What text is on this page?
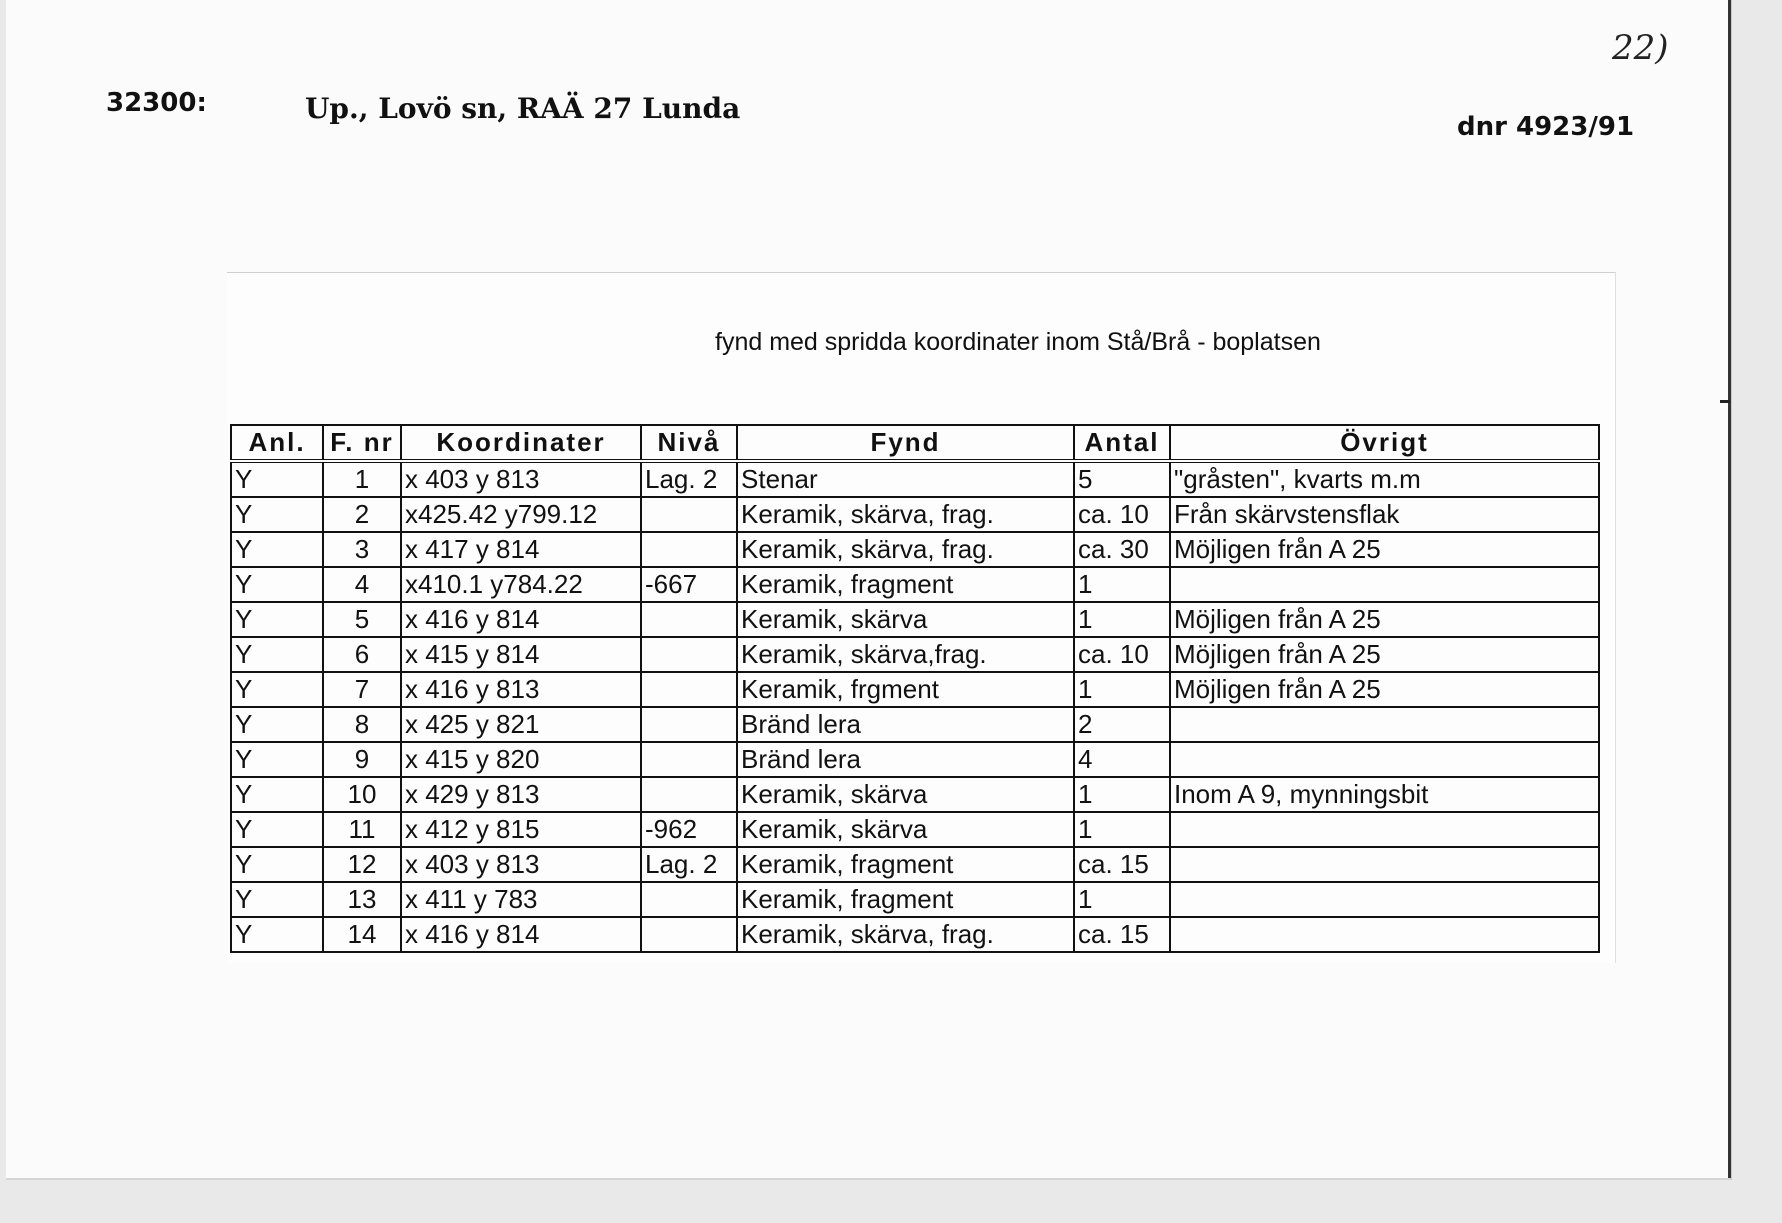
32300:	Up., Lovö sn, RAÄ 27 Lunda
dnr 4923/91
22)
fynd med spridda koordinater inom Stå/Brå - boplatsen
Anl.	F. nr	Koordinater	Nivå	Fynd	Antal	Övrigt
Y	1	x 403 y 813	Lag. 2	Stenar	5	"gråsten", kvarts m.m
Y	2	x425.42 y799.12		Keramik, skärva, frag.	ca. 10	Från skärvstensflak
Y	3	x 417 y 814		Keramik, skärva, frag.	ca. 30	Möjligen från A 25
Y	4	x410.1 y784.22	-667	Keramik, fragment	1	
Y	5	x 416 y 814		Keramik, skärva	1	Möjligen från A 25
Y	6	x 415 y 814		Keramik, skärva,frag.	ca. 10	Möjligen från A 25
Y	7	x 416 y 813		Keramik, frgment	1	Möjligen från A 25
Y	8	x 425 y 821		Bränd lera	2	
Y	9	x 415 y 820		Bränd lera	4	
Y	10	x 429 y 813		Keramik, skärva	1	Inom A 9, mynningsbit
Y	11	x 412 y 815	-962	Keramik, skärva	1	
Y	12	x 403 y 813	Lag. 2	Keramik, fragment	ca. 15	
Y	13	x 411 y 783		Keramik, fragment	1	
Y	14	x 416 y 814		Keramik, skärva, frag.	ca. 15	
